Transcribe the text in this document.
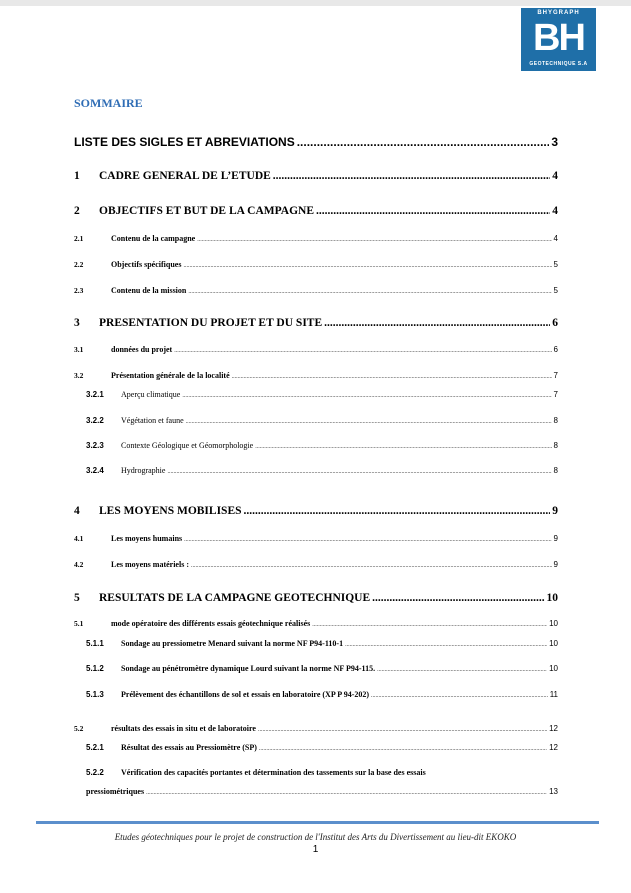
BHYGRAPH
BH
GEOTECHNIQUE S.A
SOMMAIRE
LISTE DES SIGLES ET ABREVIATIONS .....	3
1	CADRE GENERAL DE L’ETUDE .....	4
2	OBJECTIFS ET BUT DE LA CAMPAGNE .....	4
2.1	Contenu de la campagne .....	4
2.2	Objectifs spécifiques .....	5
2.3	Contenu de la mission .....	5
3	PRESENTATION DU PROJET ET DU SITE .....	6
3.1	données du projet .....	6
3.2	Présentation générale de la localité .....	7
3.2.1	Aperçu climatique .....	7
3.2.2	Végétation et faune .....	8
3.2.3	Contexte Géologique et Géomorphologie .....	8
3.2.4	Hydrographie .....	8
4	LES MOYENS MOBILISES .....	9
4.1	Les moyens humains .....	9
4.2	Les moyens matériels : .....	9
5	RESULTATS DE LA CAMPAGNE GEOTECHNIQUE .....	10
5.1	mode opératoire des différents essais géotechnique réalisés .....	10
5.1.1	Sondage au pressiometre Menard suivant la norme NF P94-110-1 .....	10
5.1.2	Sondage au pénétromètre dynamique Lourd suivant la norme NF P94-115. .....	10
5.1.3	Prélèvement des échantillons de sol et essais en laboratoire (XP P 94-202) .....	11
5.2	résultats des essais in situ et de laboratoire .....	12
5.2.1	Résultat des essais au Pressiomètre (SP) .....	12
5.2.2 Vérification des capacités portantes et détermination des tassements sur la base des essais
pressiométriques .....	13
Etudes géotechniques pour le projet de construction de l'Institut des Arts du Divertissement au lieu-dit EKOKO
1
